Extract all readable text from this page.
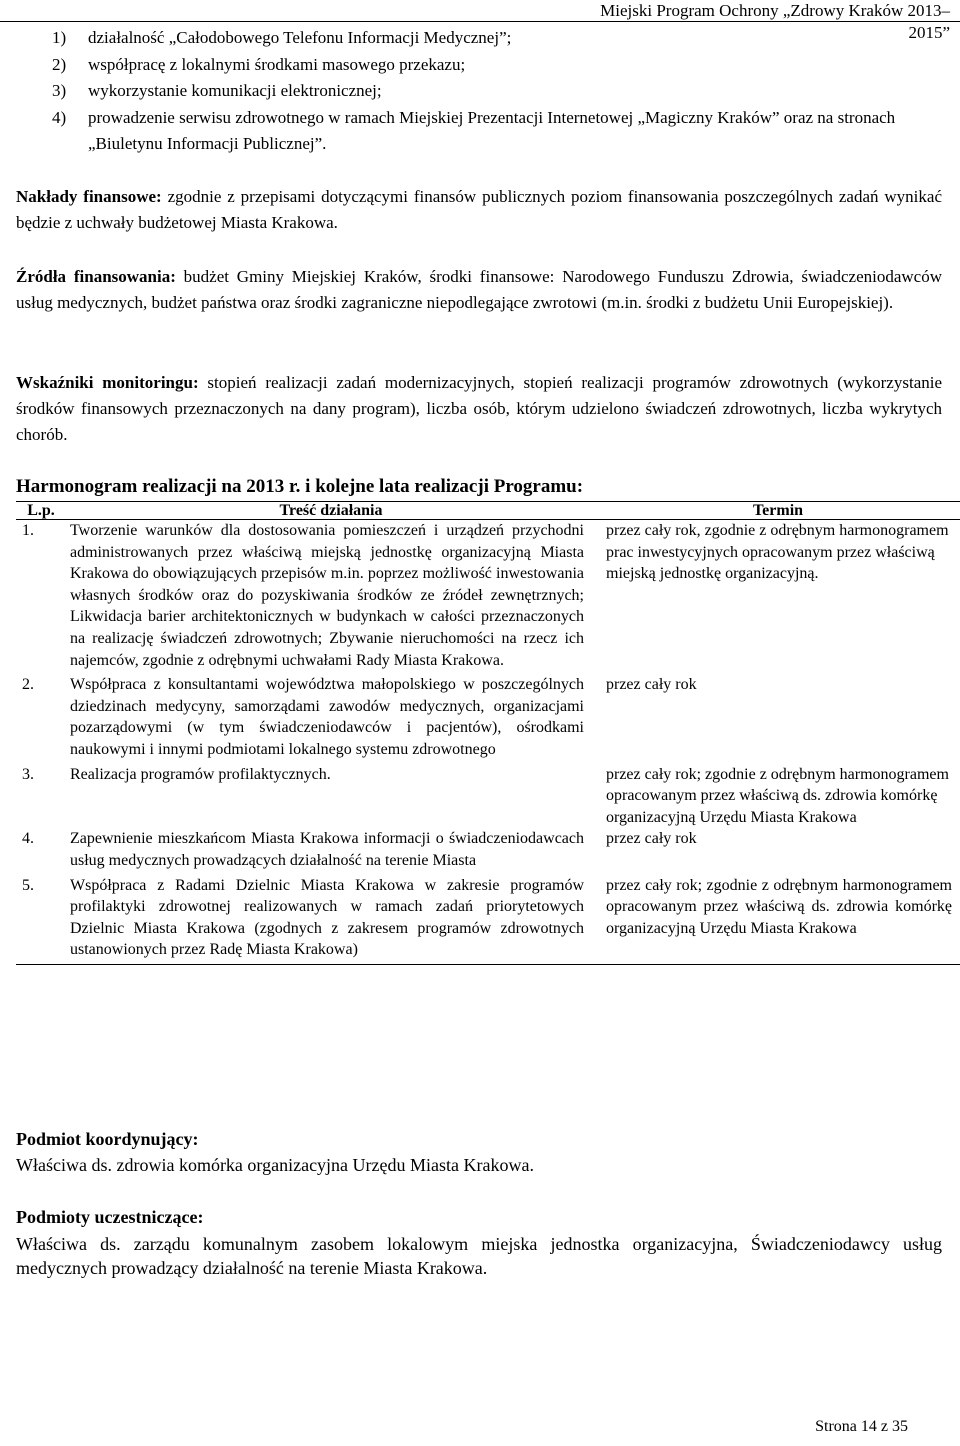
Miejski Program Ochrony „Zdrowy Kraków 2013–2015”
1)	działalność „Całodobowego Telefonu Informacji Medycznej”;
2)	współpracę z lokalnymi środkami masowego przekazu;
3)	wykorzystanie komunikacji elektronicznej;
4)	prowadzenie serwisu zdrowotnego w ramach Miejskiej Prezentacji Internetowej „Magiczny Kraków” oraz na stronach „Biuletynu Informacji Publicznej”.

Nakłady finansowe: zgodnie z przepisami dotyczącymi finansów publicznych poziom finansowania poszczególnych zadań wynikać będzie z uchwały budżetowej Miasta Krakowa.

Źródła finansowania: budżet Gminy Miejskiej Kraków, środki finansowe: Narodowego Funduszu Zdrowia, świadczeniodawców usług medycznych, budżet państwa oraz środki zagraniczne niepodlegające zwrotowi (m.in. środki z budżetu Unii Europejskiej).

Wskaźniki monitoringu: stopień realizacji zadań modernizacyjnych, stopień realizacji programów zdrowotnych (wykorzystanie środków finansowych przeznaczonych na dany program), liczba osób, którym udzielono świadczeń zdrowotnych, liczba wykrytych chorób.

Harmonogram realizacji na 2013 r. i kolejne lata realizacji Programu:
L.p.	Treść działania	Termin
1.	Tworzenie warunków dla dostosowania pomieszczeń i urządzeń przychodni administrowanych przez właściwą miejską jednostkę organizacyjną Miasta Krakowa do obowiązujących przepisów m.in. poprzez możliwość inwestowania własnych środków oraz do pozyskiwania środków ze źródeł zewnętrznych; Likwidacja barier architektonicznych w budynkach w całości przeznaczonych na realizację świadczeń zdrowotnych; Zbywanie nieruchomości na rzecz ich najemców, zgodnie z odrębnymi uchwałami Rady Miasta Krakowa.	przez cały rok, zgodnie z odrębnym harmonogramem prac inwestycyjnych opracowanym przez właściwą miejską jednostkę organizacyjną.
2.	Współpraca z konsultantami województwa małopolskiego w poszczególnych dziedzinach medycyny, samorządami zawodów medycznych, organizacjami pozarządowymi (w tym świadczeniodawców i pacjentów), ośrodkami naukowymi i innymi podmiotami lokalnego systemu zdrowotnego	przez cały rok
3.	Realizacja programów profilaktycznych.	przez cały rok; zgodnie z odrębnym harmonogramem opracowanym przez właściwą ds. zdrowia komórkę organizacyjną Urzędu Miasta Krakowa
4.	Zapewnienie mieszkańcom Miasta Krakowa informacji o świadczeniodawcach usług medycznych prowadzących działalność na terenie Miasta	przez cały rok
5.	Współpraca z Radami Dzielnic Miasta Krakowa w zakresie programów profilaktyki zdrowotnej realizowanych w ramach zadań priorytetowych Dzielnic Miasta Krakowa (zgodnych z zakresem programów zdrowotnych ustanowionych przez Radę Miasta Krakowa)	przez cały rok; zgodnie z odrębnym harmonogramem opracowanym przez właściwą ds. zdrowia komórkę organizacyjną Urzędu Miasta Krakowa
Podmiot koordynujący:

Właściwa ds. zdrowia komórka organizacyjna Urzędu Miasta Krakowa.

Podmioty uczestniczące:

Właściwa ds. zarządu komunalnym zasobem lokalowym miejska jednostka organizacyjna, Świadczeniodawcy usług medycznych prowadzący działalność na terenie Miasta Krakowa.

Strona 14 z 35
